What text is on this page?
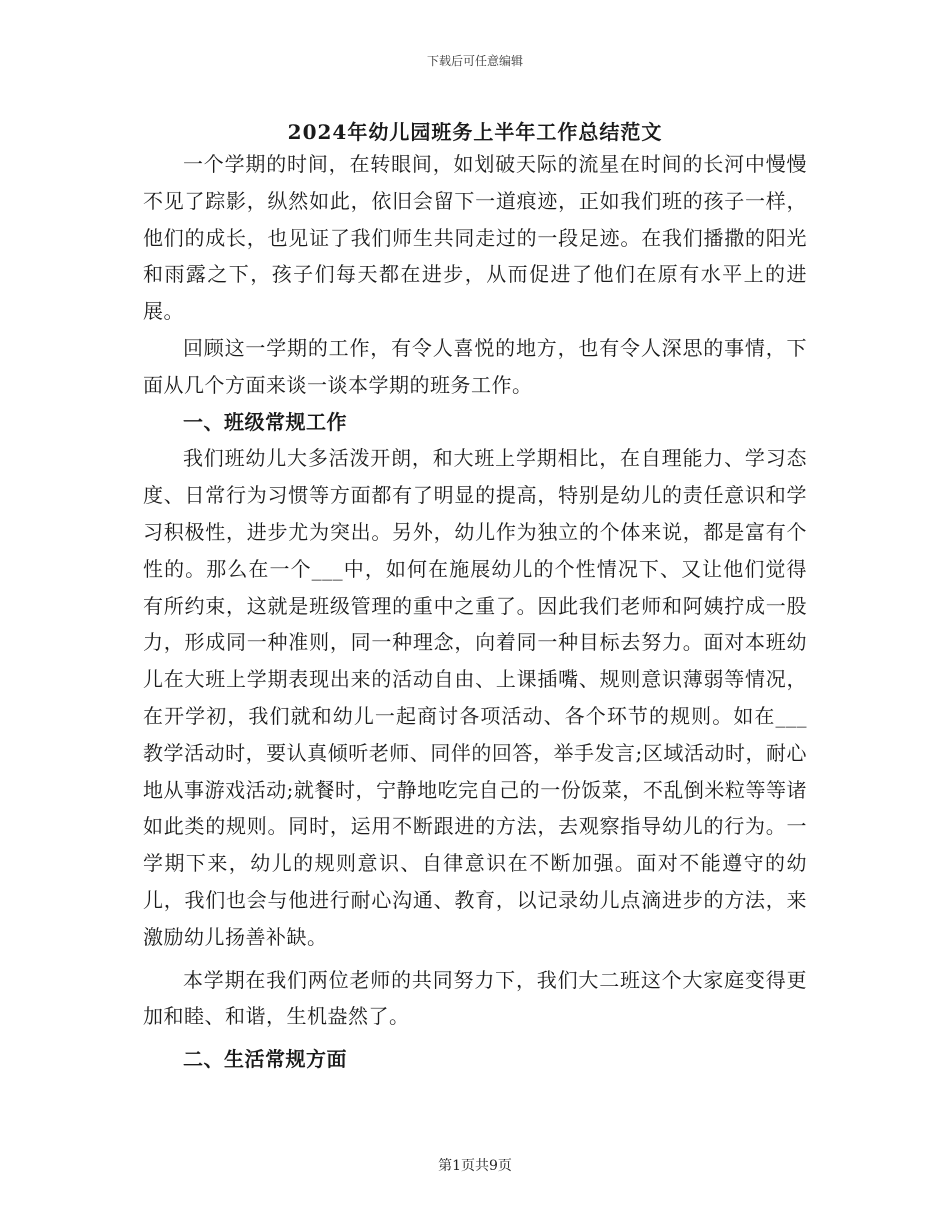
下载后可任意编辑
2024年幼儿园班务上半年工作总结范文

一个学期的时间，在转眼间，如划破天际的流星在时间的长河中慢慢不见了踪影，纵然如此，依旧会留下一道痕迹，正如我们班的孩子一样，他们的成长，也见证了我们师生共同走过的一段足迹。在我们播撒的阳光和雨露之下，孩子们每天都在进步，从而促进了他们在原有水平上的进展。

回顾这一学期的工作，有令人喜悦的地方，也有令人深思的事情，下面从几个方面来谈一谈本学期的班务工作。

一、班级常规工作

我们班幼儿大多活泼开朗，和大班上学期相比，在自理能力、学习态度、日常行为习惯等方面都有了明显的提高，特别是幼儿的责任意识和学习积极性，进步尤为突出。另外，幼儿作为独立的个体来说，都是富有个性的。那么在一个___中，如何在施展幼儿的个性情况下、又让他们觉得有所约束，这就是班级管理的重中之重了。因此我们老师和阿姨拧成一股力，形成同一种准则，同一种理念，向着同一种目标去努力。面对本班幼儿在大班上学期表现出来的活动自由、上课插嘴、规则意识薄弱等情况，在开学初，我们就和幼儿一起商讨各项活动、各个环节的规则。如在___教学活动时，要认真倾听老师、同伴的回答，举手发言;区域活动时，耐心地从事游戏活动;就餐时，宁静地吃完自己的一份饭菜，不乱倒米粒等等诸如此类的规则。同时，运用不断跟进的方法，去观察指导幼儿的行为。一学期下来，幼儿的规则意识、自律意识在不断加强。面对不能遵守的幼儿，我们也会与他进行耐心沟通、教育，以记录幼儿点滴进步的方法，来激励幼儿扬善补缺。

本学期在我们两位老师的共同努力下，我们大二班这个大家庭变得更加和睦、和谐，生机盎然了。

二、生活常规方面

第1页共9页
